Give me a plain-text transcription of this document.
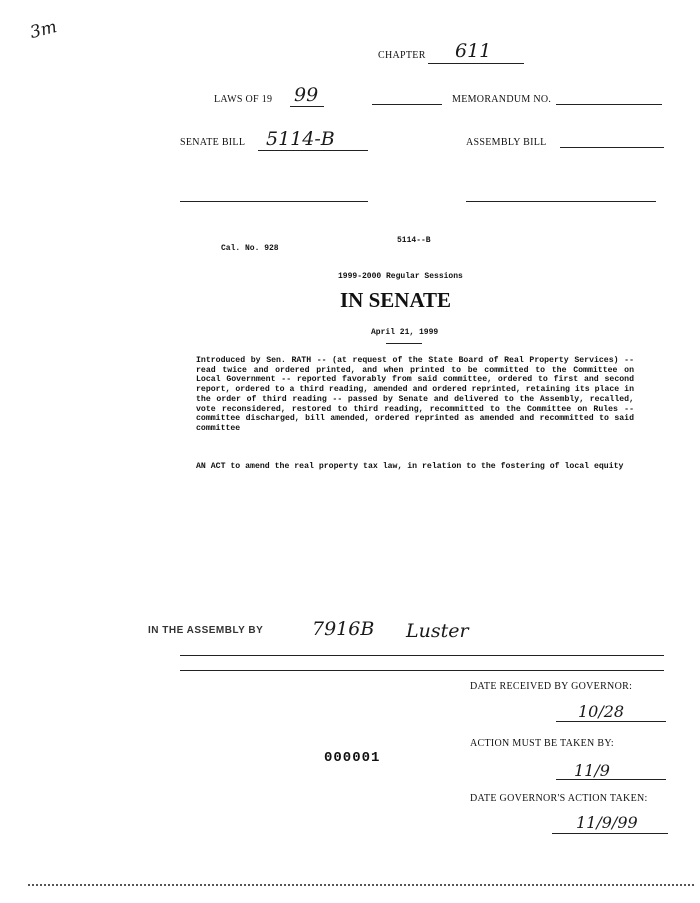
3m
CHAPTER 611
LAWS OF 19 99	MEMORANDUM NO.
SENATE BILL 5114-B	ASSEMBLY BILL
5114--B
Cal. No. 928
1999-2000 Regular Sessions
IN SENATE
April 21, 1999
Introduced by Sen. RATH -- (at request of the State Board of Real Property Services) -- read twice and ordered printed, and when printed to be committed to the Committee on Local Government -- reported favorably from said committee, ordered to first and second report, ordered to a third reading, amended and ordered reprinted, retaining its place in the order of third reading -- passed by Senate and delivered to the Assembly, recalled, vote reconsidered, restored to third reading, recommitted to the Committee on Rules -- committee discharged, bill amended, ordered reprinted as amended and recommitted to said committee
AN ACT to amend the real property tax law, in relation to the fostering of local equity
IN THE ASSEMBLY BY	7916B Luster
DATE RECEIVED BY GOVERNOR:
10/28
ACTION MUST BE TAKEN BY:
11/9
000001
DATE GOVERNOR'S ACTION TAKEN:
11/9/99
